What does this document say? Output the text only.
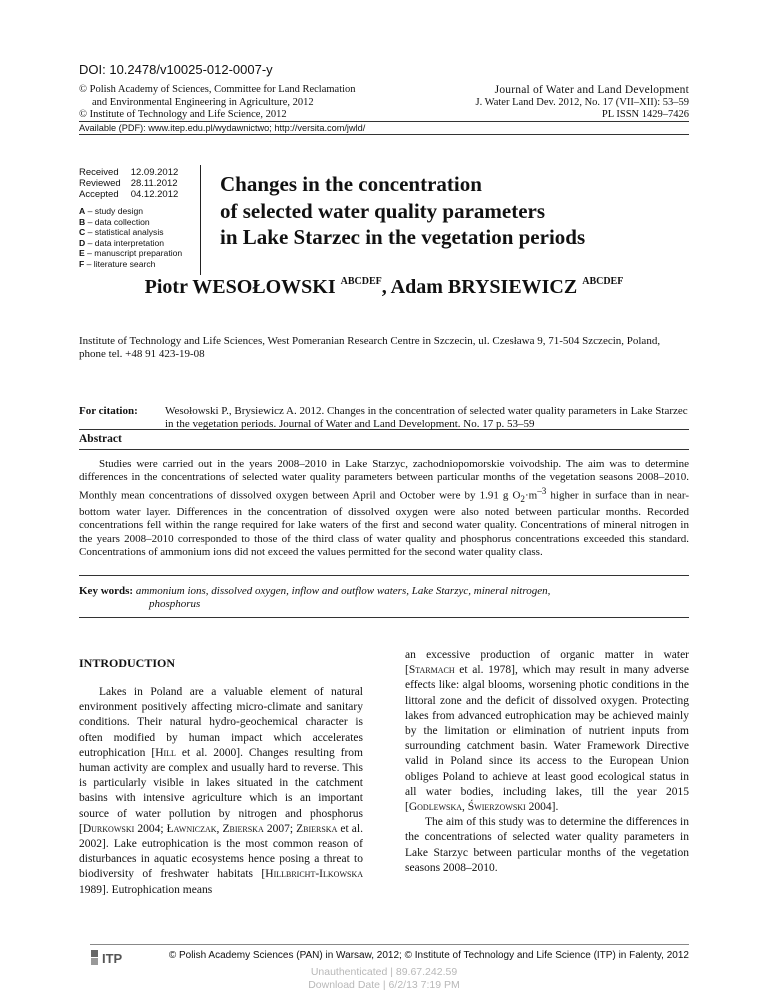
DOI: 10.2478/v10025-012-0007-y
© Polish Academy of Sciences, Committee for Land Reclamation
and Environmental Engineering in Agriculture, 2012
© Institute of Technology and Life Science, 2012
Journal of Water and Land Development
J. Water Land Dev. 2012, No. 17 (VII–XII): 53–59
PL ISSN 1429–7426
Available (PDF): www.itep.edu.pl/wydawnictwo; http://versita.com/jwld/
Received	12.09.2012
Reviewed	28.11.2012
Accepted	04.12.2012
A – study design
B – data collection
C – statistical analysis
D – data interpretation
E – manuscript preparation
F – literature search
Changes in the concentration
of selected water quality parameters
in Lake Starzec in the vegetation periods
Piotr WESOŁOWSKI $^{ABCDEF}$, Adam BRYSIEWICZ $^{ABCDEF}$
Institute of Technology and Life Sciences, West Pomeranian Research Centre in Szczecin, ul. Czesława 9, 71-504 Szczecin, Poland, phone tel. +48 91 423-19-08
For citation: Wesołowski P., Brysiewicz A. 2012. Changes in the concentration of selected water quality parameters in Lake Starzec in the vegetation periods. Journal of Water and Land Development. No. 17 p. 53–59
Abstract
Studies were carried out in the years 2008–2010 in Lake Starzyc, zachodniopomorskie voivodship. The aim was to determine differences in the concentrations of selected water quality parameters between particular months of the vegetation seasons 2008–2010. Monthly mean concentrations of dissolved oxygen between April and October were by 1.91 g $O_2\cdot m^{-3}$ higher in surface than in near-bottom water layer. Differences in the concentration of dissolved oxygen were also noted between particular months. Recorded concentrations fell within the range required for lake waters of the first and second water quality. Concentrations of mineral nitrogen in the years 2008–2010 corresponded to those of the third class of water quality and phosphorus concentrations exceeded this standard. Concentrations of ammonium ions did not exceed the values permitted for the second water quality class.
Key words: ammonium ions, dissolved oxygen, inflow and outflow waters, Lake Starzyc, mineral nitrogen,
phosphorus
INTRODUCTION

Lakes in Poland are a valuable element of natural environment positively affecting micro-climate and sanitary conditions. Their natural hydro-geochemical character is often modified by human impact which accelerates eutrophication [Hill et al. 2000]. Changes resulting from human activity are complex and usually hard to reverse. This is particularly visible in lakes situated in the catchment basins with intensive agriculture which is an important source of water pollution by nitrogen and phosphorus [Durkowski 2004; Ławniczak, Zbierska 2007; Zbierska et al. 2002]. Lake eutrophication is the most common reason of disturbances in aquatic ecosystems hence posing a threat to biodiversity of freshwater habitats [Hillbricht-Ilkowska 1989]. Eutrophication means

an excessive production of organic matter in water [Starmach et al. 1978], which may result in many adverse effects like: algal blooms, worsening photic conditions in the littoral zone and the deficit of dissolved oxygen. Protecting lakes from advanced eutrophication may be achieved mainly by the limitation or elimination of nutrient inputs from surrounding catchment basin. Water Framework Directive valid in Poland since its access to the European Union obliges Poland to achieve at least good ecological status in all water bodies, including lakes, till the year 2015 [Godlewska, Świerzowski 2004].

The aim of this study was to determine the differences in the concentrations of selected water quality parameters in Lake Starzyc between particular months of the vegetation seasons 2008–2010.

ITP	© Polish Academy Sciences (PAN) in Warsaw, 2012; © Institute of Technology and Life Science (ITP) in Falenty, 2012
Unauthenticated | 89.67.242.59
Download Date | 6/2/13 7:19 PM
